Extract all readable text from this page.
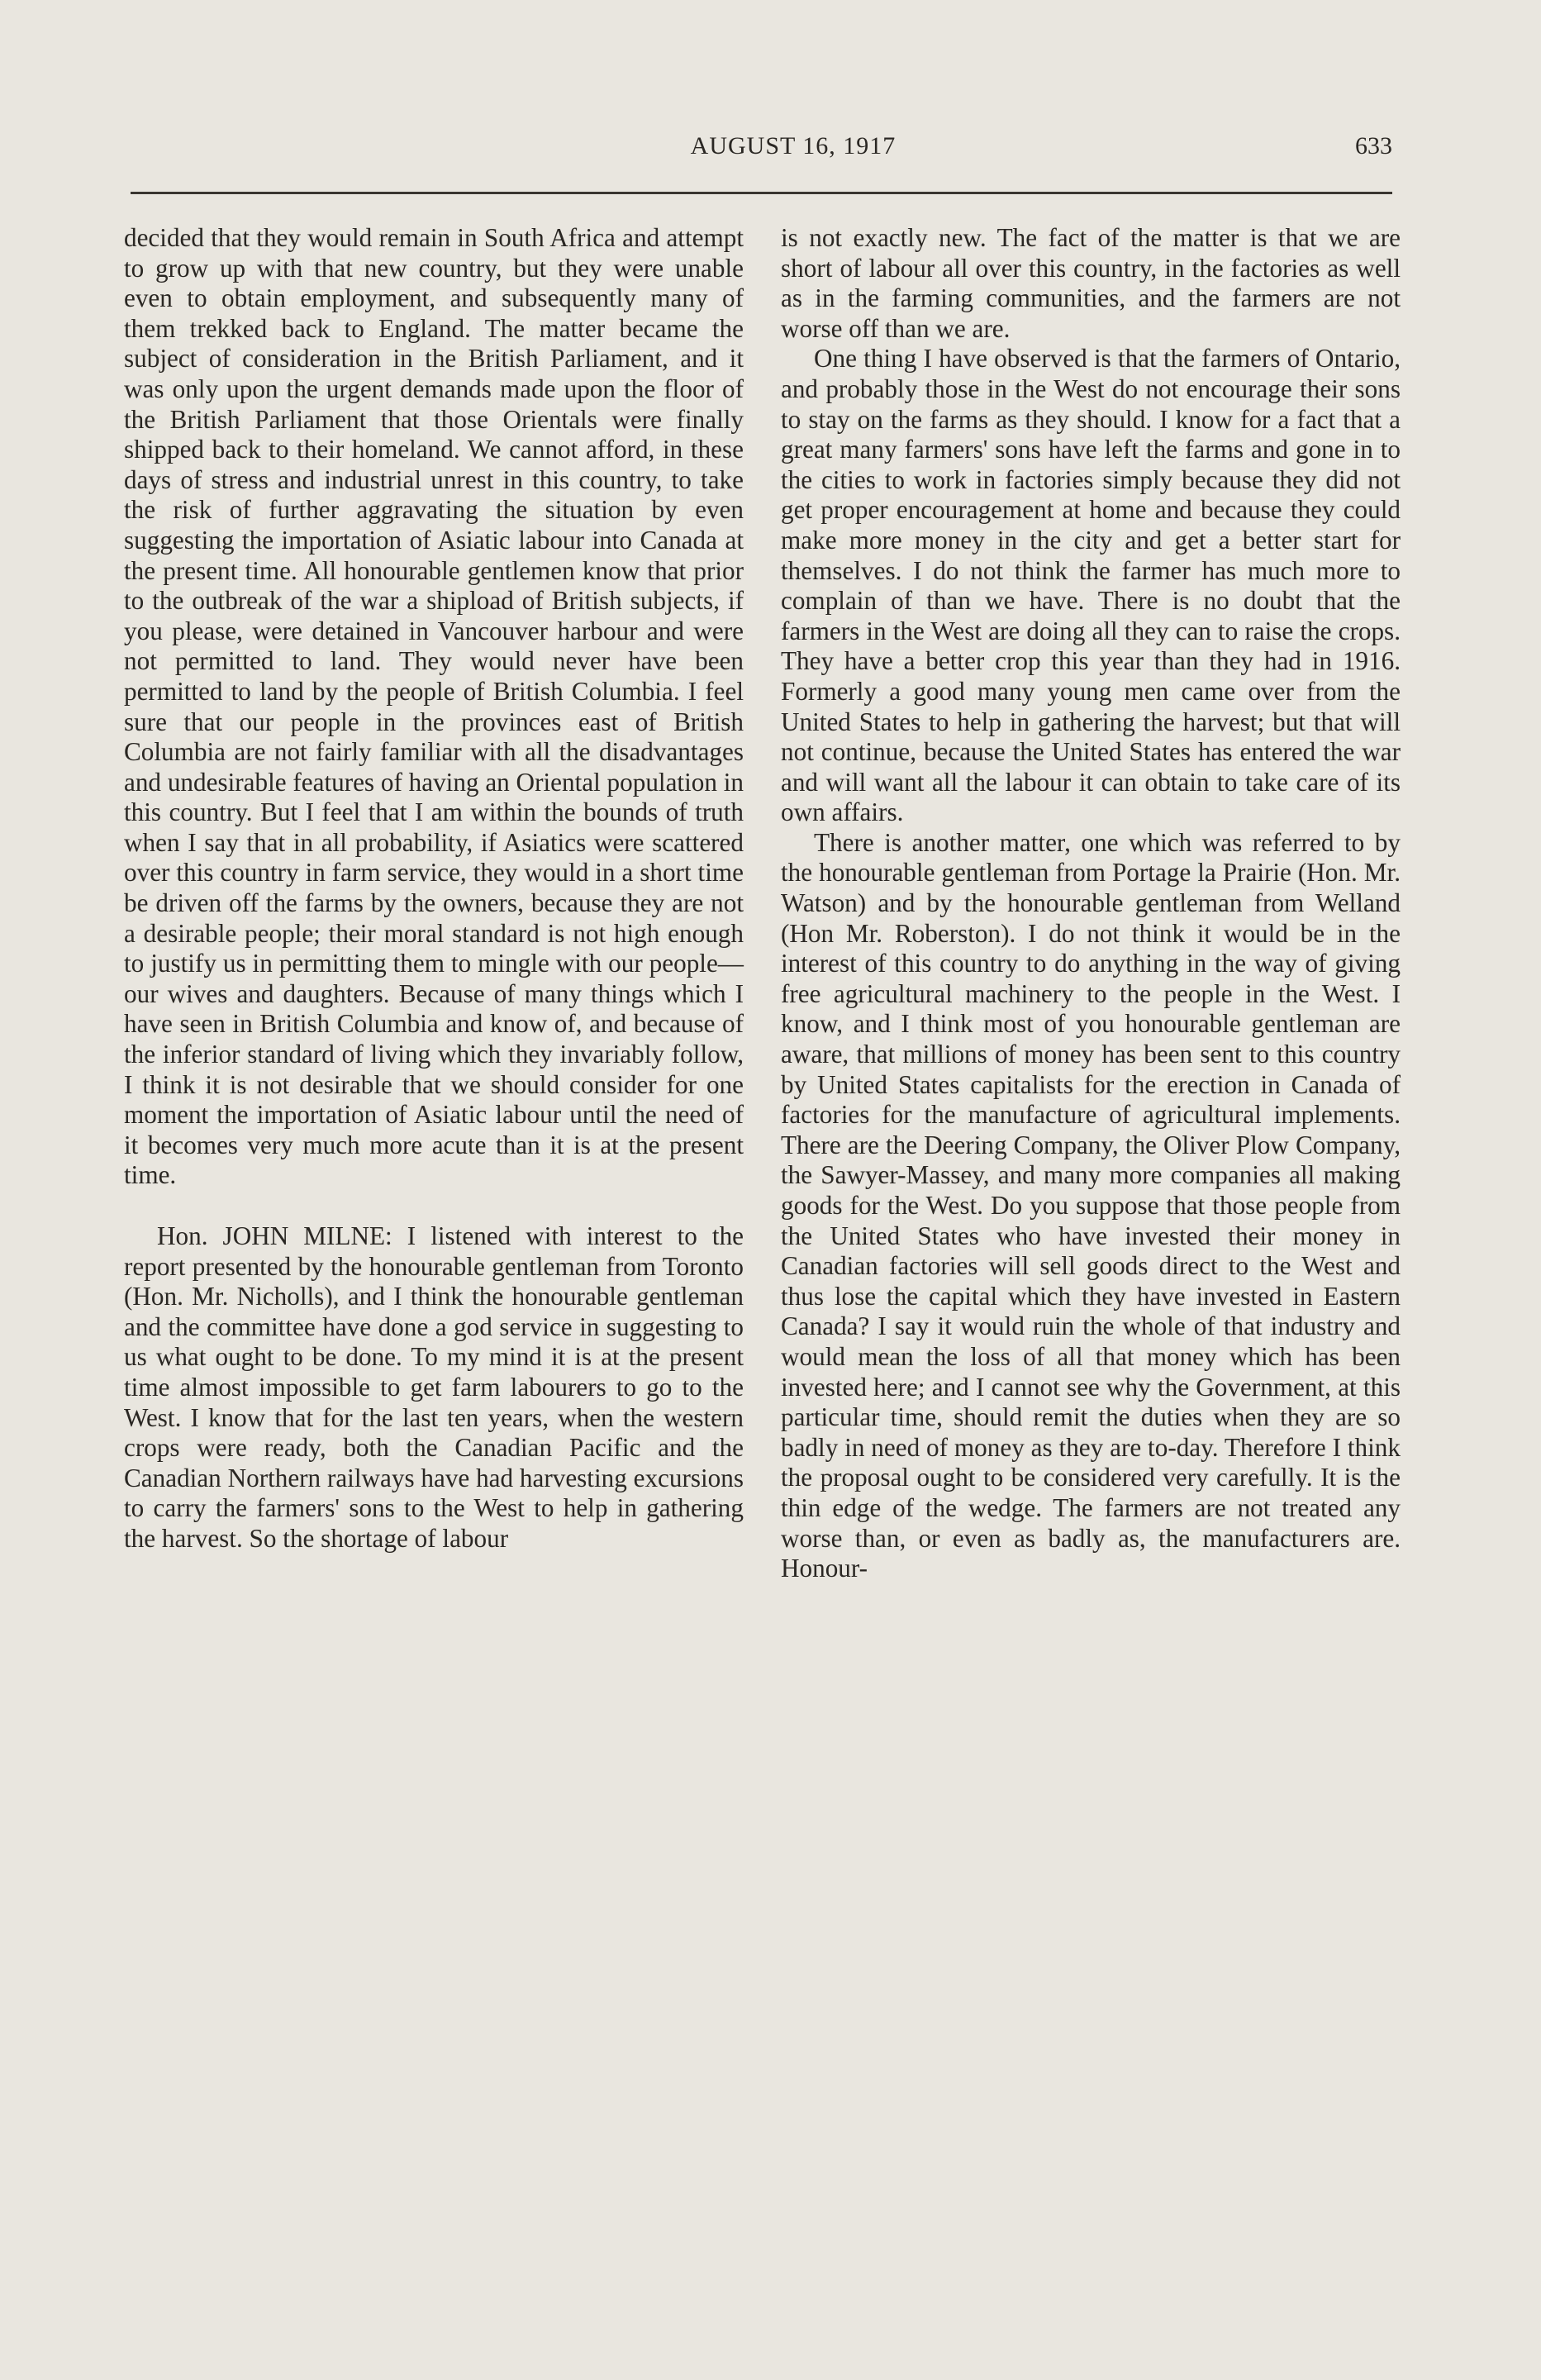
AUGUST 16, 1917	633

decided that they would remain in South Africa and attempt to grow up with that new country, but they were unable even to obtain employment, and subsequently many of them trekked back to England. The matter became the subject of consideration in the British Parliament, and it was only upon the urgent demands made upon the floor of the British Parliament that those Orientals were finally shipped back to their homeland. We cannot afford, in these days of stress and industrial unrest in this country, to take the risk of further aggravating the situation by even suggesting the importation of Asiatic labour into Canada at the present time. All honourable gentlemen know that prior to the outbreak of the war a shipload of British subjects, if you please, were detained in Vancouver harbour and were not permitted to land. They would never have been permitted to land by the people of British Columbia. I feel sure that our people in the provinces east of British Columbia are not fairly familiar with all the disadvantages and undesirable features of having an Oriental population in this country. But I feel that I am within the bounds of truth when I say that in all probability, if Asiatics were scattered over this country in farm service, they would in a short time be driven off the farms by the owners, because they are not a desirable people; their moral standard is not high enough to justify us in permitting them to mingle with our people—our wives and daughters. Because of many things which I have seen in British Columbia and know of, and because of the inferior standard of living which they invariably follow, I think it is not desirable that we should consider for one moment the importation of Asiatic labour until the need of it becomes very much more acute than it is at the present time.

Hon. JOHN MILNE: I listened with interest to the report presented by the honourable gentleman from Toronto (Hon. Mr. Nicholls), and I think the honourable gentleman and the committee have done a god service in suggesting to us what ought to be done. To my mind it is at the present time almost impossible to get farm labourers to go to the West. I know that for the last ten years, when the western crops were ready, both the Canadian Pacific and the Canadian Northern railways have had harvesting excursions to carry the farmers' sons to the West to help in gathering the harvest. So the shortage of labour

is not exactly new. The fact of the matter is that we are short of labour all over this country, in the factories as well as in the farming communities, and the farmers are not worse off than we are.

One thing I have observed is that the farmers of Ontario, and probably those in the West do not encourage their sons to stay on the farms as they should. I know for a fact that a great many farmers' sons have left the farms and gone in to the cities to work in factories simply because they did not get proper encouragement at home and because they could make more money in the city and get a better start for themselves. I do not think the farmer has much more to complain of than we have. There is no doubt that the farmers in the West are doing all they can to raise the crops. They have a better crop this year than they had in 1916. Formerly a good many young men came over from the United States to help in gathering the harvest; but that will not continue, because the United States has entered the war and will want all the labour it can obtain to take care of its own affairs.

There is another matter, one which was referred to by the honourable gentleman from Portage la Prairie (Hon. Mr. Watson) and by the honourable gentleman from Welland (Hon Mr. Roberston). I do not think it would be in the interest of this country to do anything in the way of giving free agricultural machinery to the people in the West. I know, and I think most of you honourable gentleman are aware, that millions of money has been sent to this country by United States capitalists for the erection in Canada of factories for the manufacture of agricultural implements. There are the Deering Company, the Oliver Plow Company, the Sawyer-Massey, and many more companies all making goods for the West. Do you suppose that those people from the United States who have invested their money in Canadian factories will sell goods direct to the West and thus lose the capital which they have invested in Eastern Canada? I say it would ruin the whole of that industry and would mean the loss of all that money which has been invested here; and I cannot see why the Government, at this particular time, should remit the duties when they are so badly in need of money as they are to-day. Therefore I think the proposal ought to be considered very carefully. It is the thin edge of the wedge. The farmers are not treated any worse than, or even as badly as, the manufacturers are. Honour-
